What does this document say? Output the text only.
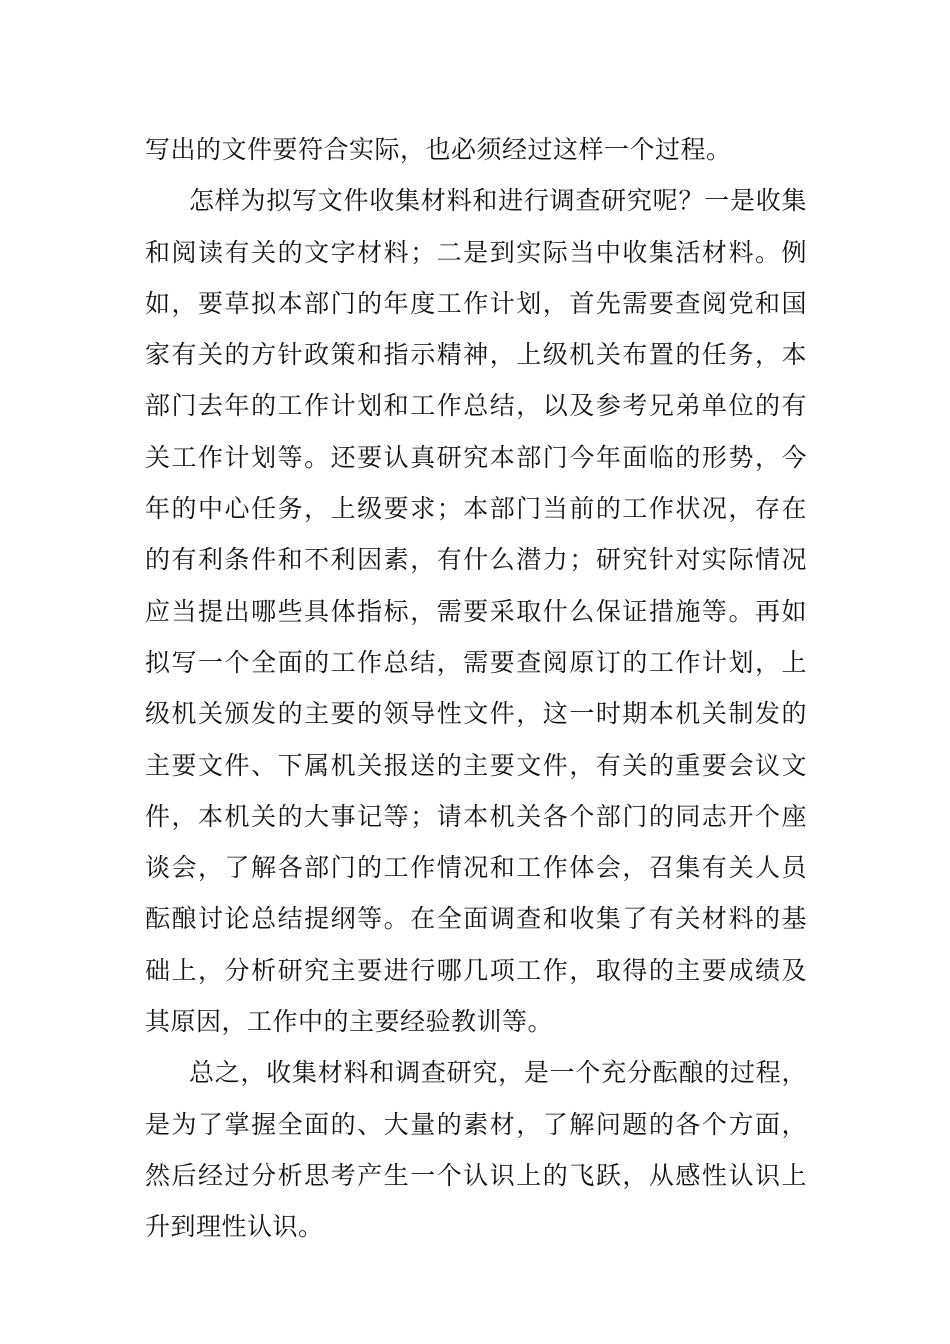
写出的文件要符合实际，也必须经过这样一个过程。

怎样为拟写文件收集材料和进行调查研究呢？一是收集和阅读有关的文字材料；二是到实际当中收集活材料。例如，要草拟本部门的年度工作计划，首先需要查阅党和国家有关的方针政策和指示精神，上级机关布置的任务，本部门去年的工作计划和工作总结，以及参考兄弟单位的有关工作计划等。还要认真研究本部门今年面临的形势，今年的中心任务，上级要求；本部门当前的工作状况，存在的有利条件和不利因素，有什么潜力；研究针对实际情况应当提出哪些具体指标，需要采取什么保证措施等。再如拟写一个全面的工作总结，需要查阅原订的工作计划，上级机关颁发的主要的领导性文件，这一时期本机关制发的主要文件、下属机关报送的主要文件，有关的重要会议文件，本机关的大事记等；请本机关各个部门的同志开个座谈会，了解各部门的工作情况和工作体会，召集有关人员酝酿讨论总结提纲等。在全面调查和收集了有关材料的基础上，分析研究主要进行哪几项工作，取得的主要成绩及其原因，工作中的主要经验教训等。

总之，收集材料和调查研究，是一个充分酝酿的过程，是为了掌握全面的、大量的素材，了解问题的各个方面，然后经过分析思考产生一个认识上的飞跃，从感性认识上升到理性认识。
